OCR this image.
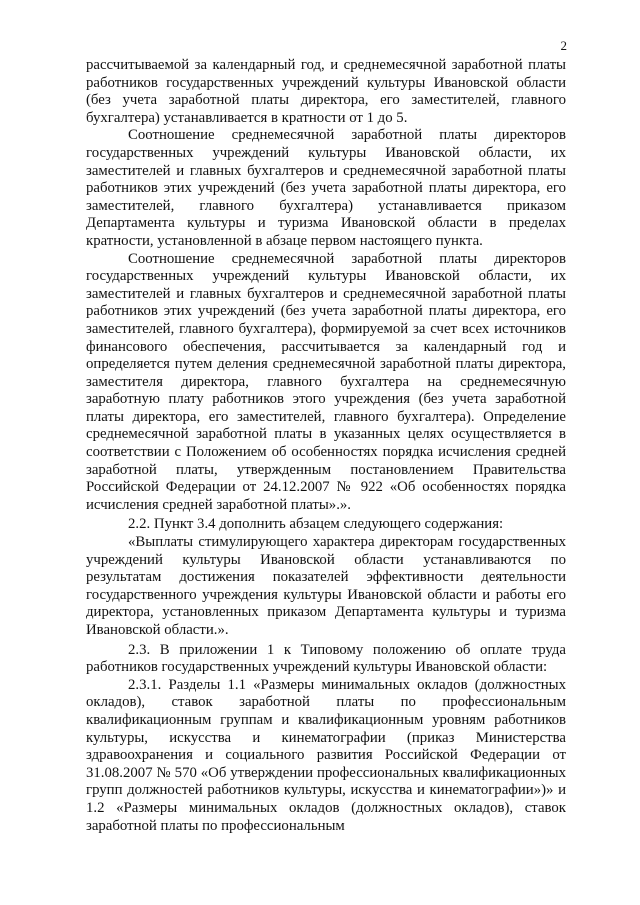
2

рассчитываемой за календарный год, и среднемесячной заработной платы работников государственных учреждений культуры Ивановской области (без учета заработной платы директора, его заместителей, главного бухгалтера) устанавливается в кратности от 1 до 5.

Соотношение среднемесячной заработной платы директоров государственных учреждений культуры Ивановской области, их заместителей и главных бухгалтеров и среднемесячной заработной платы работников этих учреждений (без учета заработной платы директора, его заместителей, главного бухгалтера) устанавливается приказом Департамента культуры и туризма Ивановской области в пределах кратности, установленной в абзаце первом настоящего пункта.

Соотношение среднемесячной заработной платы директоров государственных учреждений культуры Ивановской области, их заместителей и главных бухгалтеров и среднемесячной заработной платы работников этих учреждений (без учета заработной платы директора, его заместителей, главного бухгалтера), формируемой за счет всех источников финансового обеспечения, рассчитывается за календарный год и определяется путем деления среднемесячной заработной платы директора, заместителя директора, главного бухгалтера на среднемесячную заработную плату работников этого учреждения (без учета заработной платы директора, его заместителей, главного бухгалтера). Определение среднемесячной заработной платы в указанных целях осуществляется в соответствии с Положением об особенностях порядка исчисления средней заработной платы, утвержденным постановлением Правительства Российской Федерации от 24.12.2007 № 922 «Об особенностях порядка исчисления средней заработной платы».».

2.2. Пункт 3.4 дополнить абзацем следующего содержания:

«Выплаты стимулирующего характера директорам государственных учреждений культуры Ивановской области устанавливаются по результатам достижения показателей эффективности деятельности государственного учреждения культуры Ивановской области и работы его директора, установленных приказом Департамента культуры и туризма Ивановской области.».

2.3. В приложении 1 к Типовому положению об оплате труда работников государственных учреждений культуры Ивановской области:

2.3.1. Разделы 1.1 «Размеры минимальных окладов (должностных окладов), ставок заработной платы по профессиональным квалификационным группам и квалификационным уровням работников культуры, искусства и кинематографии (приказ Министерства здравоохранения и социального развития Российской Федерации от 31.08.2007 № 570 «Об утверждении профессиональных квалификационных групп должностей работников культуры, искусства и кинематографии»)» и 1.2 «Размеры минимальных окладов (должностных окладов), ставок заработной платы по профессиональным
